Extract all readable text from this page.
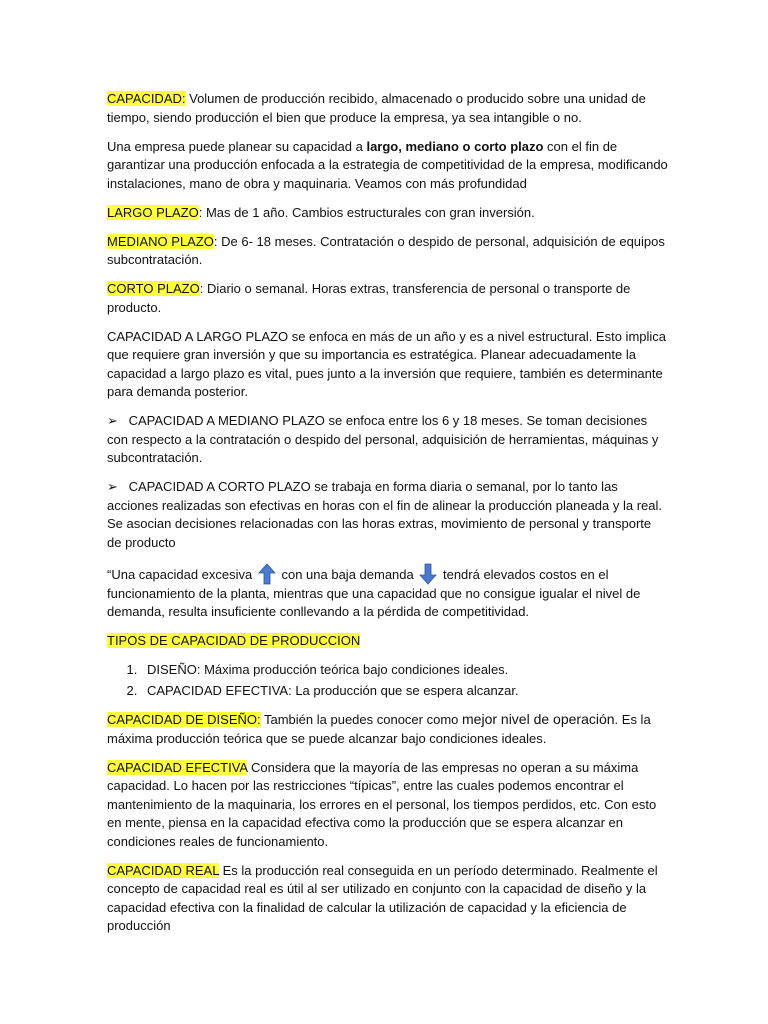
CAPACIDAD: Volumen de producción recibido, almacenado o producido sobre una unidad de tiempo, siendo producción el bien que produce la empresa, ya sea intangible o no.

Una empresa puede planear su capacidad a largo, mediano o corto plazo con el fin de garantizar una producción enfocada a la estrategia de competitividad de la empresa, modificando instalaciones, mano de obra y maquinaria. Veamos con más profundidad

LARGO PLAZO: Mas de 1 año. Cambios estructurales con gran inversión.

MEDIANO PLAZO: De 6- 18 meses. Contratación o despido de personal, adquisición de equipos subcontratación.

CORTO PLAZO: Diario o semanal. Horas extras, transferencia de personal o transporte de producto.

CAPACIDAD A LARGO PLAZO se enfoca en más de un año y es a nivel estructural. Esto implica que requiere gran inversión y que su importancia es estratégica. Planear adecuadamente la capacidad a largo plazo es vital, pues junto a la inversión que requiere, también es determinante para demanda posterior.

➢ CAPACIDAD A MEDIANO PLAZO se enfoca entre los 6 y 18 meses. Se toman decisiones con respecto a la contratación o despido del personal, adquisición de herramientas, máquinas y subcontratación.

➢ CAPACIDAD A CORTO PLAZO se trabaja en forma diaria o semanal, por lo tanto las acciones realizadas son efectivas en horas con el fin de alinear la producción planeada y la real. Se asocian decisiones relacionadas con las horas extras, movimiento de personal y transporte de producto

“Una capacidad excesiva  con una baja demanda  tendrá elevados costos en el funcionamiento de la planta, mientras que una capacidad que no consigue igualar el nivel de demanda, resulta insuficiente conllevando a la pérdida de competitividad.

TIPOS DE CAPACIDAD DE PRODUCCION

1. DISEÑO: Máxima producción teórica bajo condiciones ideales.
2. CAPACIDAD EFECTIVA: La producción que se espera alcanzar.

CAPACIDAD DE DISEÑO: También la puedes conocer como mejor nivel de operación. Es la máxima producción teórica que se puede alcanzar bajo condiciones ideales.

CAPACIDAD EFECTIVA Considera que la mayoría de las empresas no operan a su máxima capacidad. Lo hacen por las restricciones “típicas”, entre las cuales podemos encontrar el mantenimiento de la maquinaria, los errores en el personal, los tiempos perdidos, etc. Con esto en mente, piensa en la capacidad efectiva como la producción que se espera alcanzar en condiciones reales de funcionamiento.

CAPACIDAD REAL Es la producción real conseguida en un período determinado. Realmente el concepto de capacidad real es útil al ser utilizado en conjunto con la capacidad de diseño y la capacidad efectiva con la finalidad de calcular la utilización de capacidad y la eficiencia de producción
